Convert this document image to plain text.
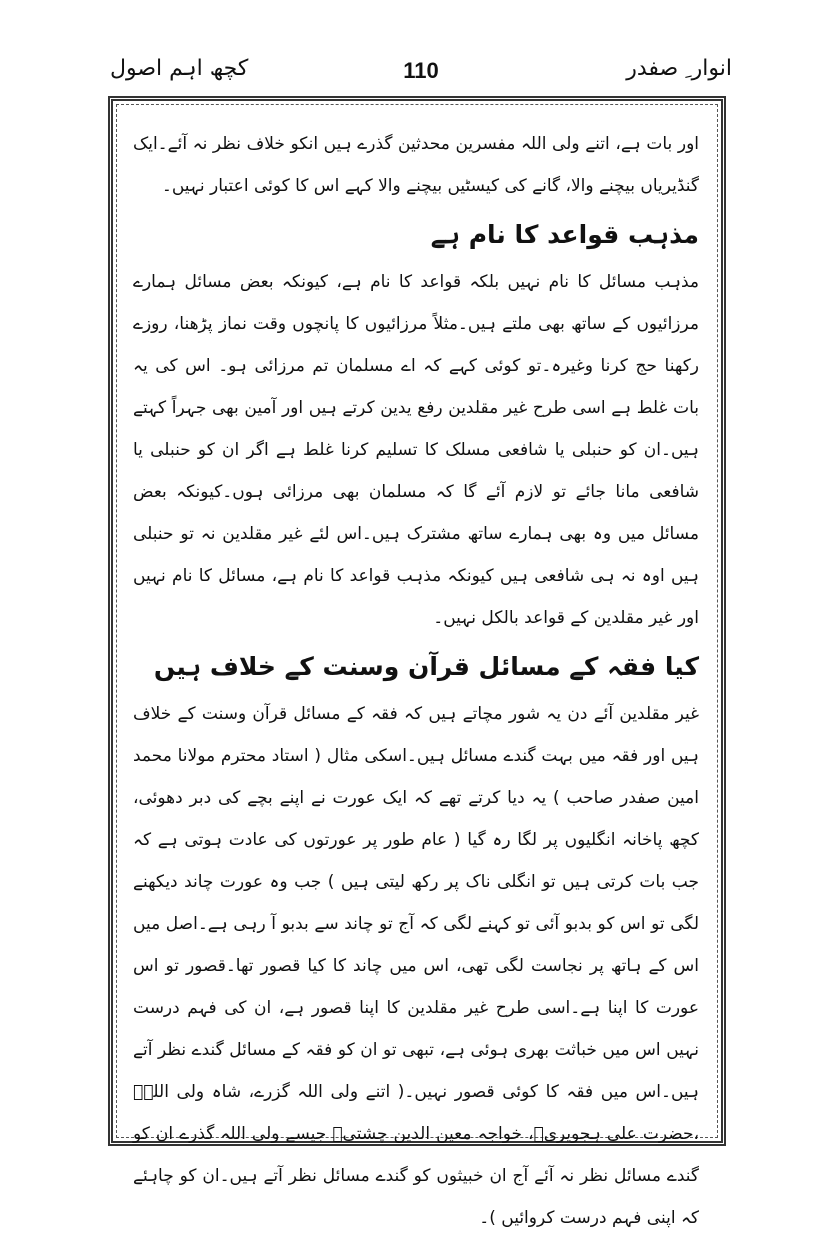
انوار ِ صفدر
110
کچھ اہم اصول

اور بات ہے، اتنے ولی اللہ مفسرین محدثین گذرے ہیں انکو خلاف نظر نہ آئے۔ایک گنڈیریاں بیچنے والا، گانے کی کیسٹیں بیچنے والا کہے اس کا کوئی اعتبار نہیں۔

مذہب قواعد کا نام ہے

مذہب مسائل کا نام نہیں بلکہ قواعد کا نام ہے، کیونکہ بعض مسائل ہمارے مرزائیوں کے ساتھ بھی ملتے ہیں۔مثلاً مرزائیوں کا پانچوں وقت نماز پڑھنا، روزے رکھنا حج کرنا وغیرہ۔تو کوئی کہے کہ اے مسلمان تم مرزائی ہو۔ اس کی یہ بات غلط ہے اسی طرح غیر مقلدین رفع یدین کرتے ہیں اور آمین بھی جہراً کہتے ہیں۔ان کو حنبلی یا شافعی مسلک کا تسلیم کرنا غلط ہے اگر ان کو حنبلی یا شافعی مانا جائے تو لازم آئے گا کہ مسلمان بھی مرزائی ہوں۔کیونکہ بعض مسائل میں وہ بھی ہمارے ساتھ مشترک ہیں۔اس لئے غیر مقلدین نہ تو حنبلی ہیں اوہ نہ ہی شافعی ہیں کیونکہ مذہب قواعد کا نام ہے، مسائل کا نام نہیں اور غیر مقلدین کے قواعد بالکل نہیں۔

کیا فقہ کے مسائل قرآن وسنت کے خلاف ہیں

غیر مقلدین آئے دن یہ شور مچاتے ہیں کہ فقہ کے مسائل قرآن وسنت کے خلاف ہیں اور فقہ میں بہت گندے مسائل ہیں۔اسکی مثال ( استاد محترم مولانا محمد امین صفدر صاحب ) یہ دیا کرتے تھے کہ ایک عورت نے اپنے بچے کی دبر دھوئی، کچھ پاخانہ انگلیوں پر لگا رہ گیا ( عام طور پر عورتوں کی عادت ہوتی ہے کہ جب بات کرتی ہیں تو انگلی ناک پر رکھ لیتی ہیں ) جب وہ عورت چاند دیکھنے لگی تو اس کو بدبو آئی تو کہنے لگی کہ آج تو چاند سے بدبو آ رہی ہے۔اصل میں اس کے ہاتھ پر نجاست لگی تھی، اس میں چاند کا کیا قصور تھا۔قصور تو اس عورت کا اپنا ہے۔اسی طرح غیر مقلدین کا اپنا قصور ہے، ان کی فہم درست نہیں اس میں خباثت بھری ہوئی ہے، تبھی تو ان کو فقہ کے مسائل گندے نظر آتے ہیں۔اس میں فقہ کا کوئی قصور نہیں۔( اتنے ولی اللہ گزرے، شاہ ولی اللہؒ ،حضرت علی ہجویریؒ، خواجہ معین الدین چشتیؒ جیسے ولی اللہ گذرے ان کو گندے مسائل نظر نہ آئے آج ان خبیثوں کو گندے مسائل نظر آتے ہیں۔ان کو چاہئے کہ اپنی فہم درست کروائیں )۔
